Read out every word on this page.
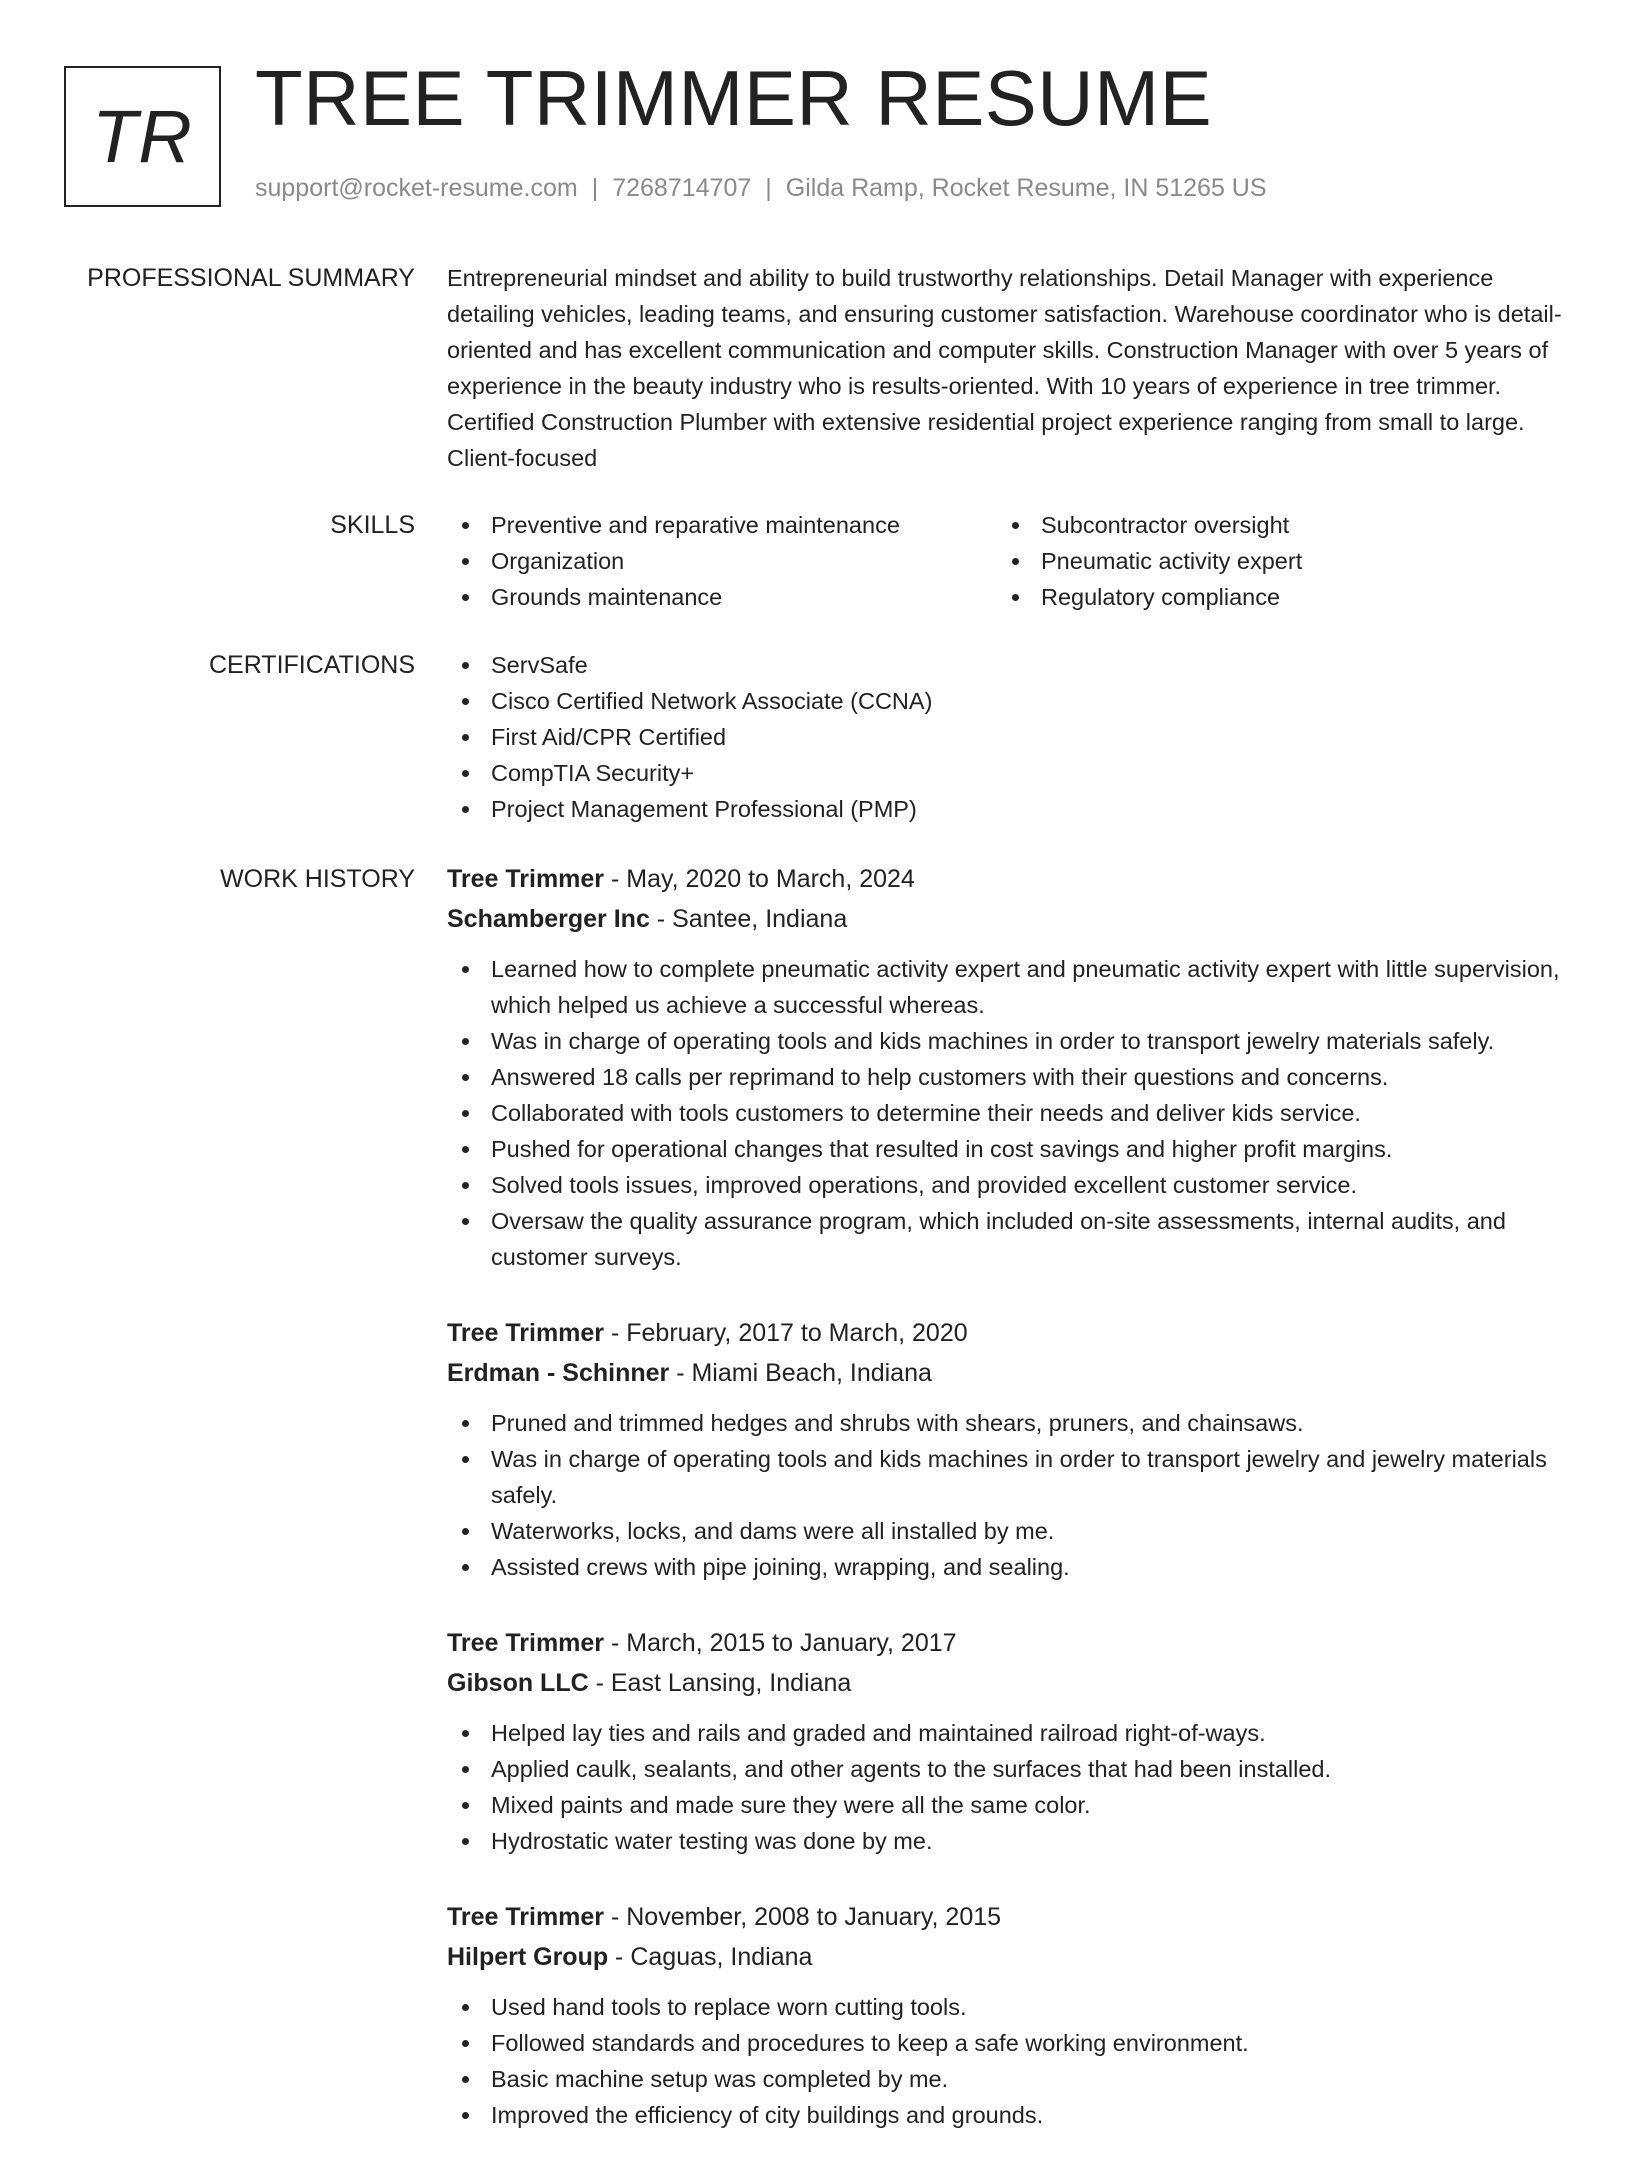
TR TREE TRIMMER RESUME
support@rocket-resume.com | 7268714707 | Gilda Ramp, Rocket Resume, IN 51265 US
PROFESSIONAL SUMMARY Entrepreneurial mindset and ability to build trustworthy relationships. Detail Manager with experience detailing vehicles, leading teams, and ensuring customer satisfaction. Warehouse coordinator who is detail-oriented and has excellent communication and computer skills. Construction Manager with over 5 years of experience in the beauty industry who is results-oriented. With 10 years of experience in tree trimmer. Certified Construction Plumber with extensive residential project experience ranging from small to large. Client-focused

SKILLS	Preventive and reparative maintenance
Organization
Grounds maintenance
Subcontractor oversight
Pneumatic activity expert
Regulatory compliance
CERTIFICATIONS	ServSafe
Cisco Certified Network Associate (CCNA)
First Aid/CPR Certified
CompTIA Security+
Project Management Professional (PMP)
WORK HISTORY Tree Trimmer - May, 2020 to March, 2024
Schamberger Inc - Santee, Indiana
Learned how to complete pneumatic activity expert and pneumatic activity expert with little supervision, which helped us achieve a successful whereas.
Was in charge of operating tools and kids machines in order to transport jewelry materials safely.
Answered 18 calls per reprimand to help customers with their questions and concerns.
Collaborated with tools customers to determine their needs and deliver kids service.
Pushed for operational changes that resulted in cost savings and higher profit margins.
Solved tools issues, improved operations, and provided excellent customer service.
Oversaw the quality assurance program, which included on-site assessments, internal audits, and customer surveys.
Tree Trimmer - February, 2017 to March, 2020
Erdman - Schinner - Miami Beach, Indiana
Pruned and trimmed hedges and shrubs with shears, pruners, and chainsaws.
Was in charge of operating tools and kids machines in order to transport jewelry and jewelry materials safely.
Waterworks, locks, and dams were all installed by me.
Assisted crews with pipe joining, wrapping, and sealing.
Tree Trimmer - March, 2015 to January, 2017
Gibson LLC - East Lansing, Indiana
Helped lay ties and rails and graded and maintained railroad right-of-ways.
Applied caulk, sealants, and other agents to the surfaces that had been installed.
Mixed paints and made sure they were all the same color.
Hydrostatic water testing was done by me.
Tree Trimmer - November, 2008 to January, 2015
Hilpert Group - Caguas, Indiana
Used hand tools to replace worn cutting tools.
Followed standards and procedures to keep a safe working environment.
Basic machine setup was completed by me.
Improved the efficiency of city buildings and grounds.
